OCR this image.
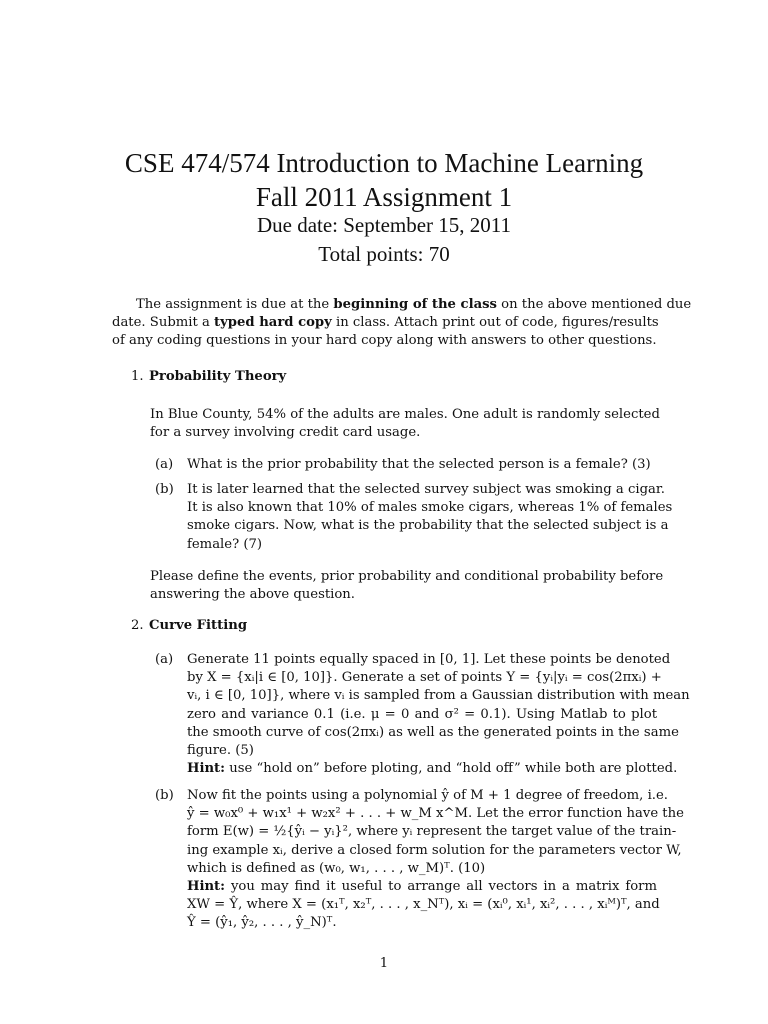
CSE 474/574 Introduction to Machine Learning
Fall 2011 Assignment 1
Due date: September 15, 2011
Total points: 70
The assignment is due at the beginning of the class on the above mentioned due
date. Submit a typed hard copy in class. Attach print out of code, figures/results
of any coding questions in your hard copy along with answers to other questions.
1. Probability Theory
In Blue County, 54% of the adults are males. One adult is randomly selected
for a survey involving credit card usage.
(a)	What is the prior probability that the selected person is a female? (3)
(b)	It is later learned that the selected survey subject was smoking a cigar.
It is also known that 10% of males smoke cigars, whereas 1% of females
smoke cigars. Now, what is the probability that the selected subject is a
female? (7)
Please define the events, prior probability and conditional probability before
answering the above question.
2. Curve Fitting
(a)	Generate 11 points equally spaced in [0, 1]. Let these points be denoted
by X = {xᵢ|i ∈ [0, 10]}. Generate a set of points Y = {yᵢ|yᵢ = cos(2πxᵢ) +
vᵢ, i ∈ [0, 10]}, where vᵢ is sampled from a Gaussian distribution with mean
zero and variance 0.1 (i.e. μ = 0 and σ² = 0.1). Using Matlab to plot
the smooth curve of cos(2πxᵢ) as well as the generated points in the same
figure. (5)
Hint: use “hold on” before ploting, and “hold off” while both are plotted.
(b)	Now fit the points using a polynomial ŷ of M + 1 degree of freedom, i.e.
ŷ = w₀x⁰ + w₁x¹ + w₂x² + . . . + w_M x^M. Let the error function have the
form E(w) = ½{ŷᵢ − yᵢ}², where yᵢ represent the target value of the train-
ing example xᵢ, derive a closed form solution for the parameters vector W,
which is defined as (w₀, w₁, . . . , w_M)ᵀ. (10)
Hint: you may find it useful to arrange all vectors in a matrix form
XW = Ŷ, where X = (x₁ᵀ, x₂ᵀ, . . . , x_Nᵀ), xᵢ = (xᵢ⁰, xᵢ¹, xᵢ², . . . , xᵢᴹ)ᵀ, and
Ŷ = (ŷ₁, ŷ₂, . . . , ŷ_N)ᵀ.
1
